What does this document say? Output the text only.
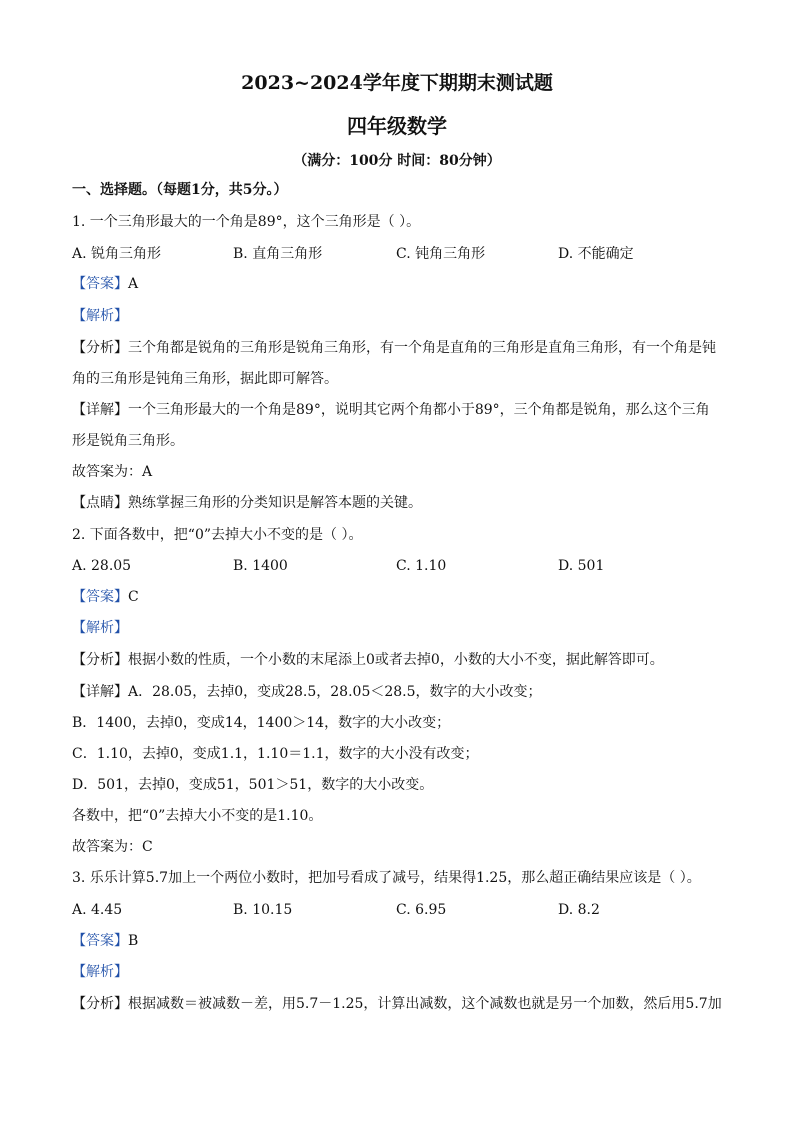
2023~2024学年度下期期末测试题
四年级数学
（满分：100分 时间：80分钟）
一、选择题。（每题1分，共5分。）
1. 一个三角形最大的一个角是89°，这个三角形是（ ）。
A. 锐角三角形	B. 直角三角形	C. 钝角三角形	D. 不能确定
【答案】A
【解析】
【分析】三个角都是锐角的三角形是锐角三角形，有一个角是直角的三角形是直角三角形，有一个角是钝
角的三角形是钝角三角形，据此即可解答。
【详解】一个三角形最大的一个角是89°，说明其它两个角都小于89°，三个角都是锐角，那么这个三角
形是锐角三角形。
故答案为：A
【点睛】熟练掌握三角形的分类知识是解答本题的关键。
2. 下面各数中，把“0”去掉大小不变的是（ ）。
A. 28.05	B. 1400	C. 1.10	D. 501
【答案】C
【解析】
【分析】根据小数的性质，一个小数的末尾添上0或者去掉0，小数的大小不变，据此解答即可。
【详解】A．28.05，去掉0，变成28.5，28.05＜28.5，数字的大小改变；
B．1400，去掉0，变成14，1400＞14，数字的大小改变；
C．1.10，去掉0，变成1.1，1.10＝1.1，数字的大小没有改变；
D．501，去掉0，变成51，501＞51，数字的大小改变。
各数中，把“0”去掉大小不变的是1.10。
故答案为：C
3. 乐乐计算5.7加上一个两位小数时，把加号看成了减号，结果得1.25，那么超正确结果应该是（ ）。
A. 4.45	B. 10.15	C. 6.95	D. 8.2
【答案】B
【解析】
【分析】根据减数＝被减数－差，用5.7－1.25，计算出减数，这个减数也就是另一个加数，然后用5.7加
